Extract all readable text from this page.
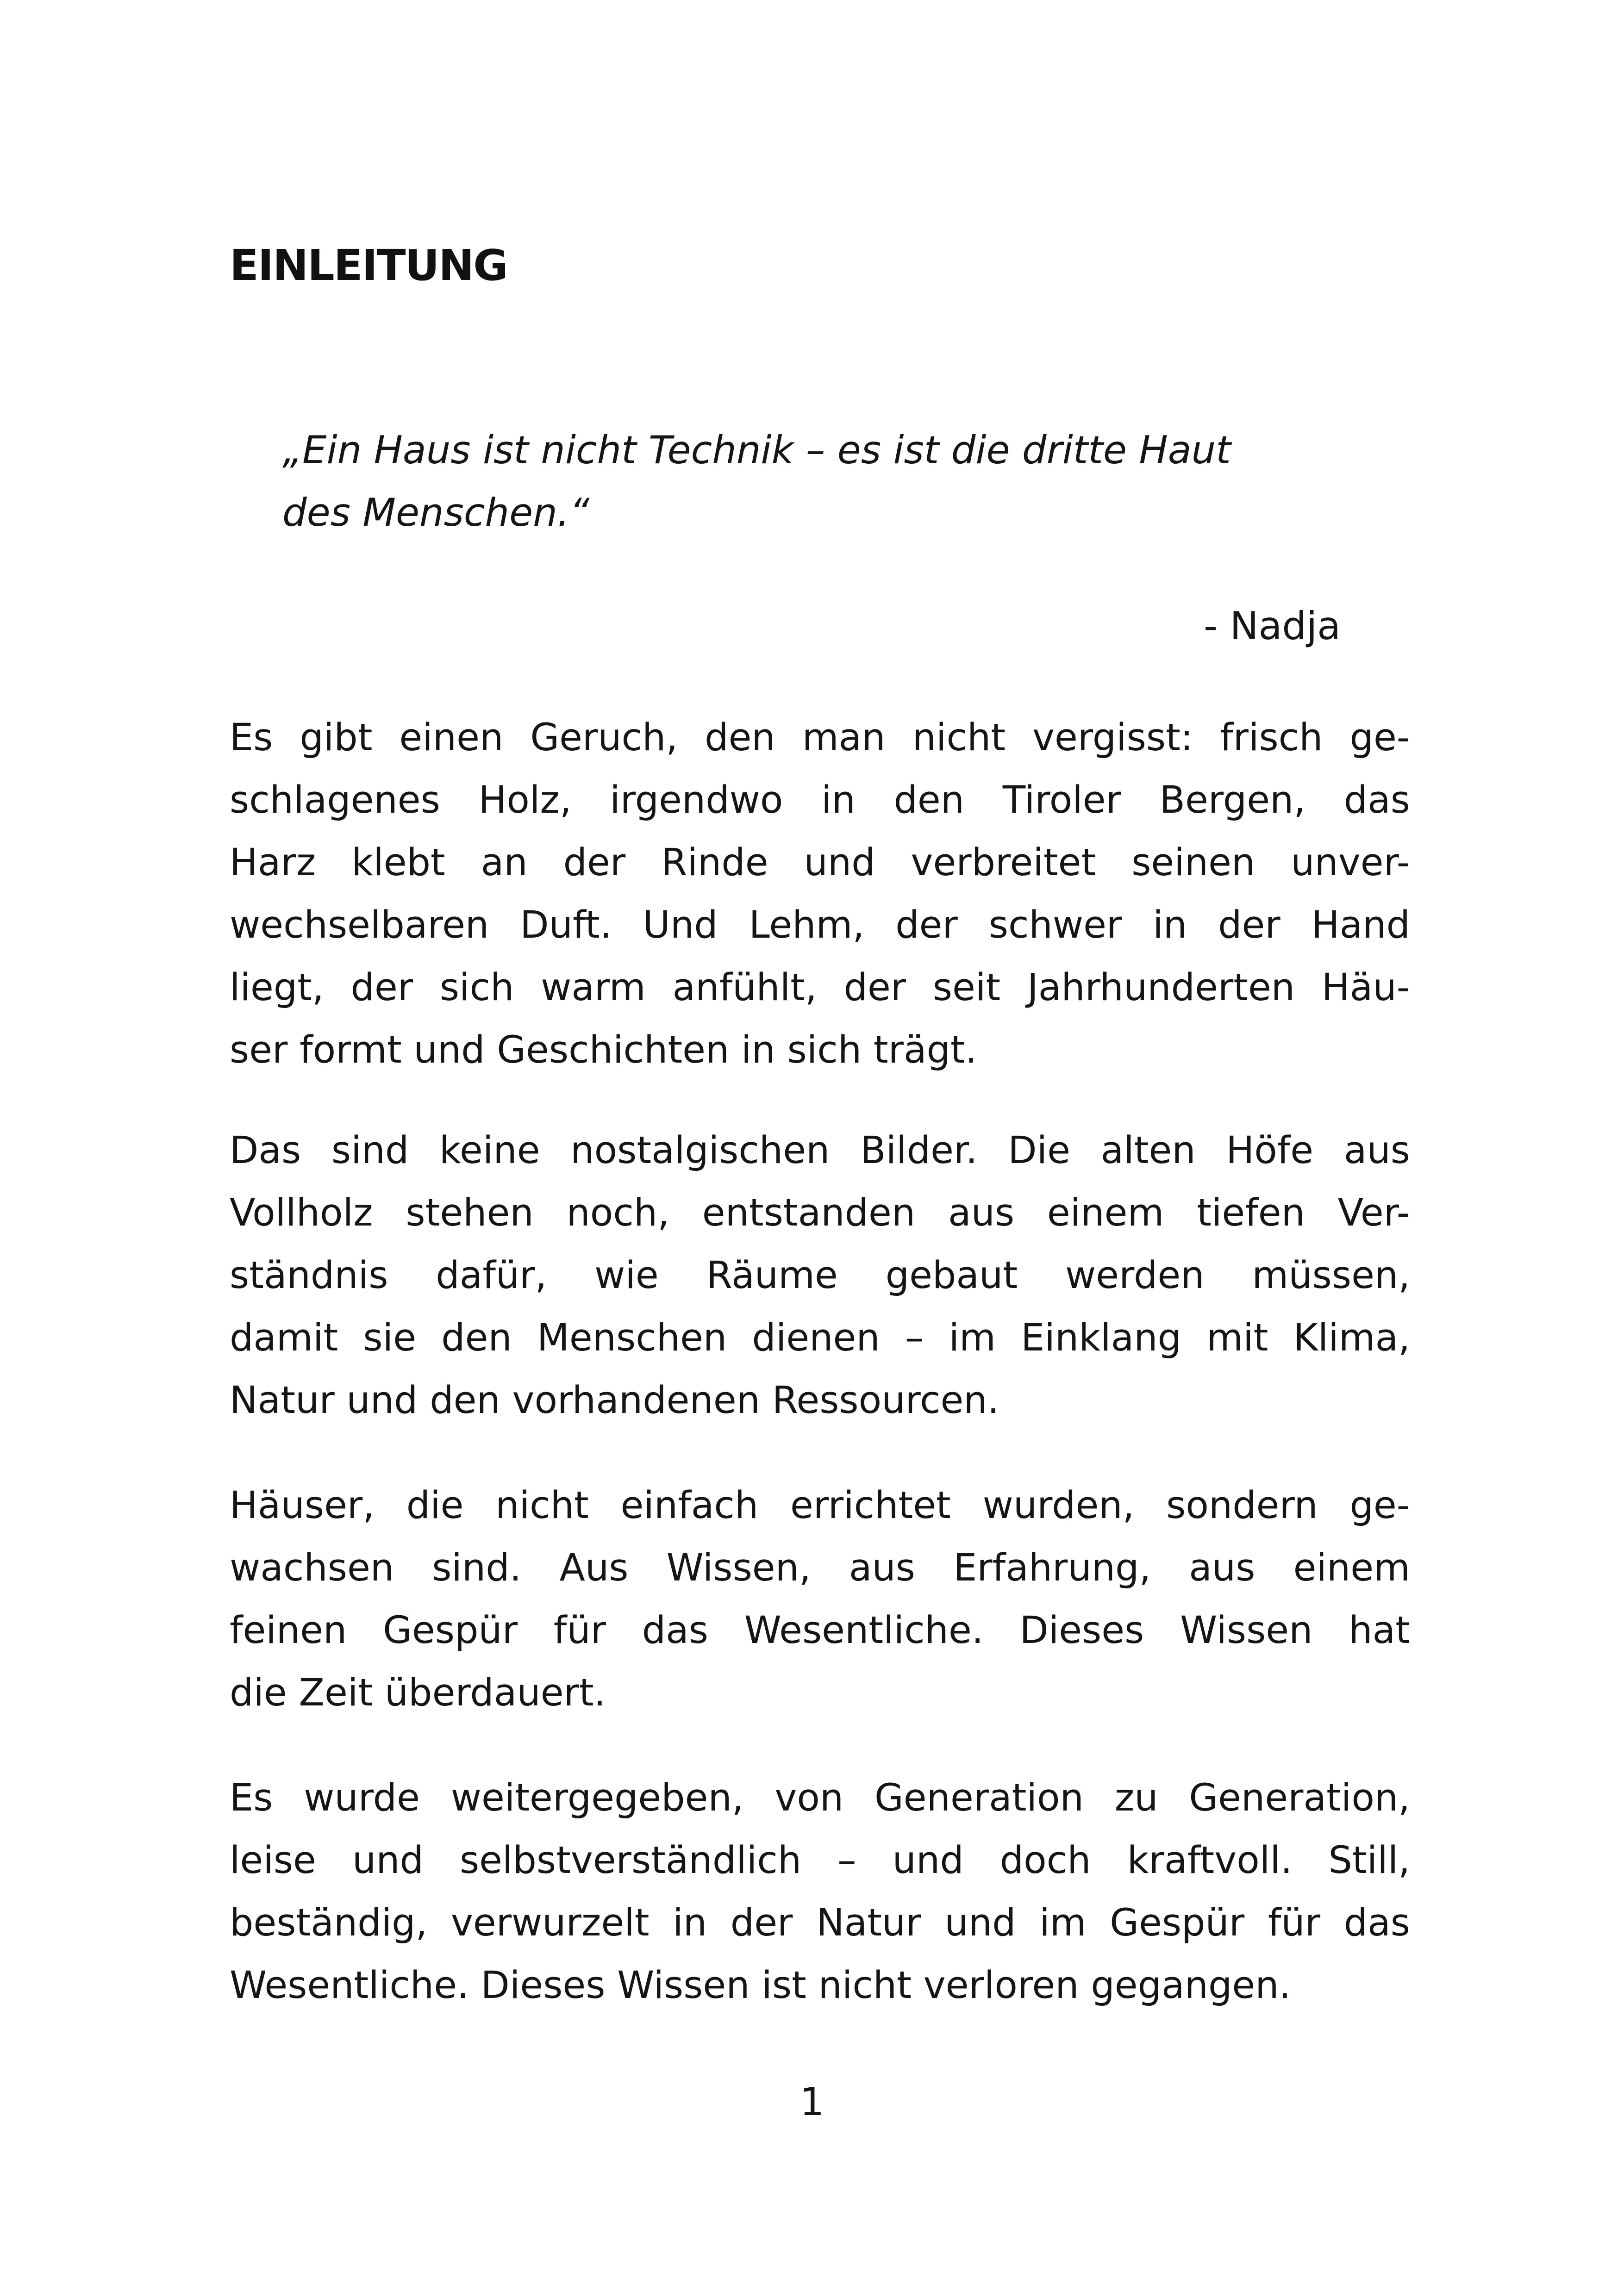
EINLEITUNG
„Ein Haus ist nicht Technik – es ist die dritte Haut
des Menschen.“

- Nadja

Es gibt einen Geruch, den man nicht vergisst: frisch ge-
schlagenes Holz, irgendwo in den Tiroler Bergen, das
Harz klebt an der Rinde und verbreitet seinen unver-
wechselbaren Duft. Und Lehm, der schwer in der Hand
liegt, der sich warm anfühlt, der seit Jahrhunderten Häu-
ser formt und Geschichten in sich trägt.

Das sind keine nostalgischen Bilder. Die alten Höfe aus
Vollholz stehen noch, entstanden aus einem tiefen Ver-
ständnis dafür, wie Räume gebaut werden müssen,
damit sie den Menschen dienen – im Einklang mit Klima,
Natur und den vorhandenen Ressourcen.

Häuser, die nicht einfach errichtet wurden, sondern ge-
wachsen sind. Aus Wissen, aus Erfahrung, aus einem
feinen Gespür für das Wesentliche. Dieses Wissen hat
die Zeit überdauert.

Es wurde weitergegeben, von Generation zu Generation,
leise und selbstverständlich – und doch kraftvoll. Still,
beständig, verwurzelt in der Natur und im Gespür für das
Wesentliche. Dieses Wissen ist nicht verloren gegangen.

1
